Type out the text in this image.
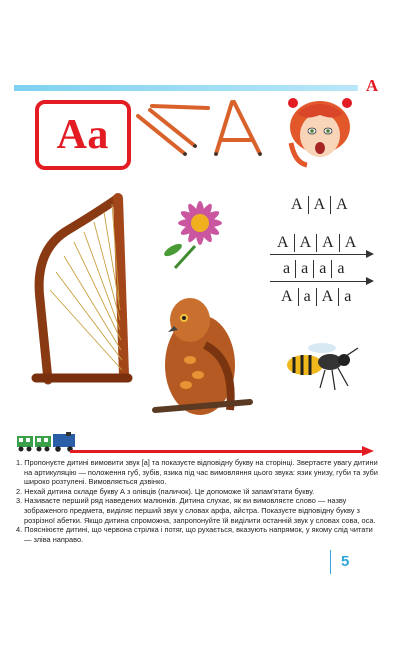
А
Аа
А А А
А А А А
а а а а
А а А а
1. Пропонуєте дитині вимовити звук [а] та показуєте відповідну букву на сторінці. Звертаєте увагу дитини на артикуляцію — положення губ, зубів, язика під час вимовляння цього звука: язик унизу, губи та зуби широко розтулені. Вимовляється дзвінко.
2. Нехай дитина складе букву А з олівців (паличок). Це допоможе їй запам'ятати букву.
3. Називаєте перший ряд наведених малюнків. Дитина слухає, як ви вимовляєте слово — назву зображеного предмета, виділяє перший звук у словах арфа, айстра. Показуєте відповідну букву з розрізної абетки. Якщо дитина спроможна, запропонуйте їй виділити останній звук у словах сова, оса.
4. Поясніюєте дитині, що червона стрілка і потяг, що рухається, вказують напрямок, у якому слід читати — зліва направо.
5
